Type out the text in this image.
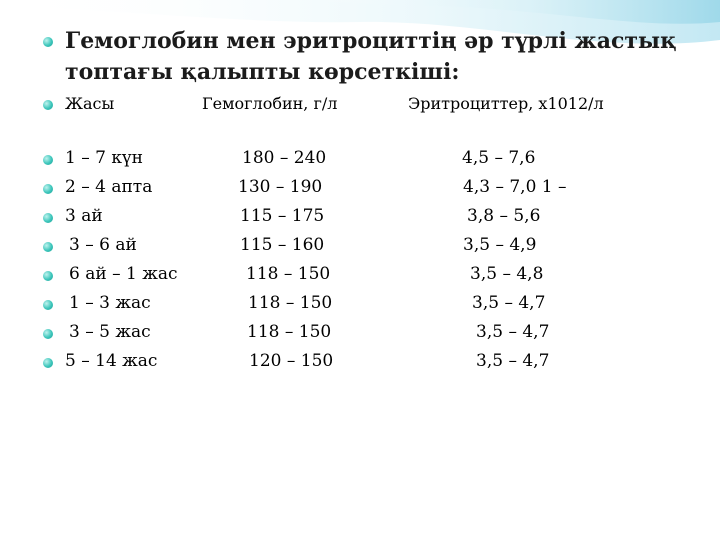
Гемоглобин мен эритроциттің әр түрлі жастық
топтағы қалыпты көрсеткіші:
Жасы	Гемоглобин, г/л	Эритроциттер, х1012/л
1 – 7 күн	180 – 240	4,5 – 7,6
2 – 4 апта	130 – 190	4,3 – 7,0 1 –
3 ай	115 – 175	3,8 – 5,6
3 – 6 ай	115 – 160	3,5 – 4,9
6 ай – 1 жас	118 – 150	3,5 – 4,8
1 – 3 жас	118 – 150	3,5 – 4,7
3 – 5 жас	118 – 150	3,5 – 4,7
5 – 14 жас	120 – 150	3,5 – 4,7
